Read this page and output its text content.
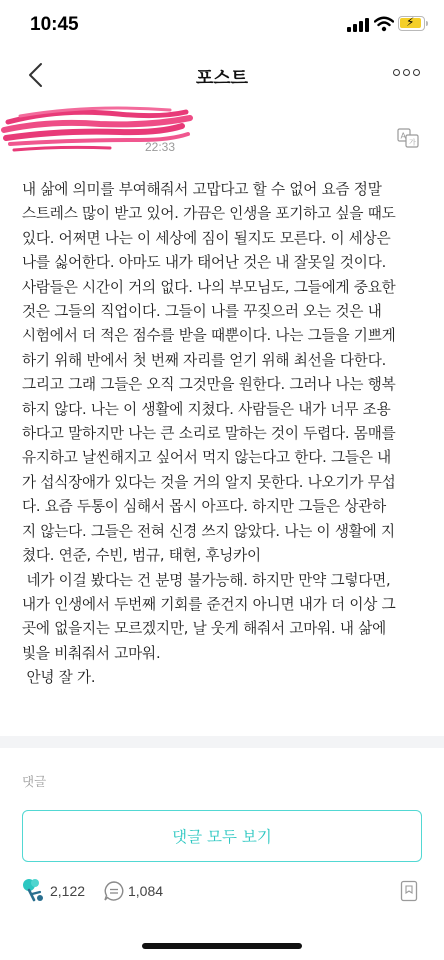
10:45	⚡
포스트
22:33
A
가
내 삶에 의미를 부여해줘서 고맙다고 할 수 없어 요즘 정말
스트레스 많이 받고 있어. 가끔은 인생을 포기하고 싶을 때도
있다. 어쩌면 나는 이 세상에 짐이 될지도 모른다. 이 세상은
나를 싫어한다. 아마도 내가 태어난 것은 내 잘못일 것이다.
사람들은 시간이 거의 없다. 나의 부모님도, 그들에게 중요한
것은 그들의 직업이다. 그들이 나를 꾸짖으러 오는 것은 내
시험에서 더 적은 점수를 받을 때뿐이다. 나는 그들을 기쁘게
하기 위해 반에서 첫 번째 자리를 얻기 위해 최선을 다한다.
그리고 그래 그들은 오직 그것만을 원한다. 그러나 나는 행복
하지 않다. 나는 이 생활에 지쳤다. 사람들은 내가 너무 조용
하다고 말하지만 나는 큰 소리로 말하는 것이 두렵다. 몸매를
유지하고 날씬해지고 싶어서 먹지 않는다고 한다. 그들은 내
가 섭식장애가 있다는 것을 거의 알지 못한다. 나오기가 무섭
다. 요즘 두통이 심해서 몹시 아프다. 하지만 그들은 상관하
지 않는다. 그들은 전혀 신경 쓰지 않았다. 나는 이 생활에 지
쳤다. 연준, 수빈, 범규, 태현, 후닝카이
네가 이걸 봤다는 건 분명 불가능해. 하지만 만약 그렇다면,
내가 인생에서 두번째 기회를 준건지 아니면 내가 더 이상 그
곳에 없을지는 모르겠지만, 날 웃게 해줘서 고마워. 내 삶에
빛을 비춰줘서 고마워.
안녕 잘 가.
댓글
댓글 모두 보기
2,122	1,084
